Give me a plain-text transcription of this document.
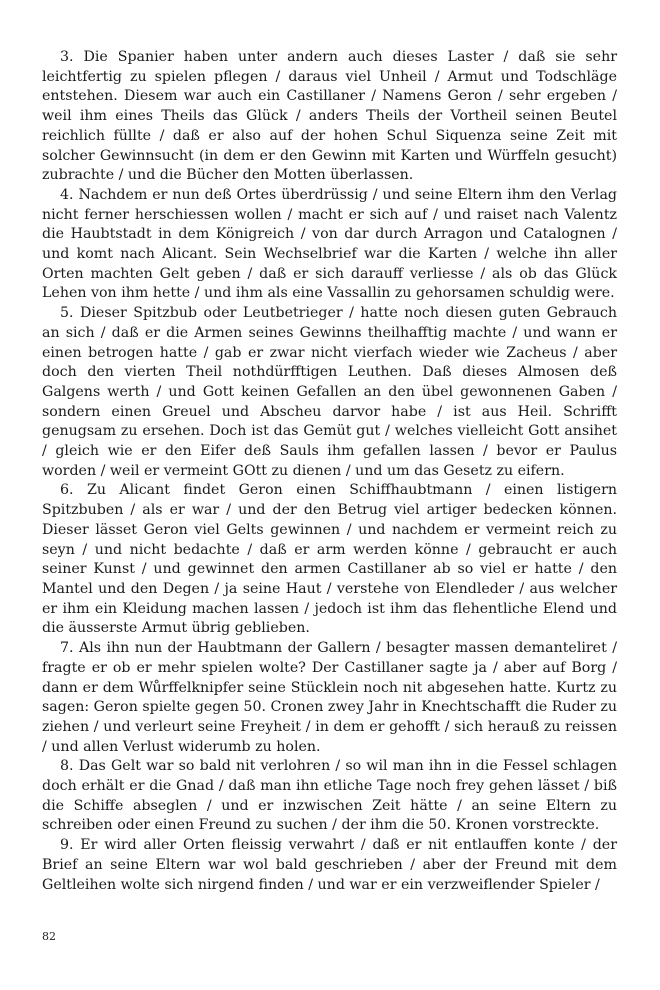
3. Die Spanier haben unter andern auch dieses Laster / daß sie sehr leichtfertig zu spielen pflegen / daraus viel Unheil / Armut und Todschläge entstehen. Diesem war auch ein Castillaner / Namens Geron / sehr ergeben / weil ihm eines Theils das Glück / anders Theils der Vortheil seinen Beutel reichlich füllte / daß er also auf der hohen Schul Siquenza seine Zeit mit solcher Gewinnsucht (in dem er den Gewinn mit Karten und Würffeln gesucht) zubrachte / und die Bücher den Motten überlassen.

4. Nachdem er nun deß Ortes überdrüssig / und seine Eltern ihm den Verlag nicht ferner herschiessen wollen / macht er sich auf / und raiset nach Valentz die Haubtstadt in dem Königreich / von dar durch Arragon und Catalognen / und komt nach Alicant. Sein Wechselbrief war die Karten / welche ihn aller Orten machten Gelt geben / daß er sich darauff verliesse / als ob das Glück Lehen von ihm hette / und ihm als eine Vassallin zu gehorsamen schuldig were.

5. Dieser Spitzbub oder Leutbetrieger / hatte noch diesen guten Gebrauch an sich / daß er die Armen seines Gewinns theilhafftig machte / und wann er einen betrogen hatte / gab er zwar nicht vierfach wieder wie Zacheus / aber doch den vierten Theil nothdürfftigen Leuthen. Daß dieses Almosen deß Galgens werth / und Gott keinen Gefallen an den übel gewonnenen Gaben / sondern einen Greuel und Abscheu darvor habe / ist aus Heil. Schrifft genugsam zu ersehen. Doch ist das Gemüt gut / welches vielleicht Gott ansihet / gleich wie er den Eifer deß Sauls ihm gefallen lassen / bevor er Paulus worden / weil er vermeint GOtt zu dienen / und um das Gesetz zu eifern.

6. Zu Alicant findet Geron einen Schiffhaubtmann / einen listigern Spitzbuben / als er war / und der den Betrug viel artiger bedecken können. Dieser lässet Geron viel Gelts gewinnen / und nachdem er vermeint reich zu seyn / und nicht bedachte / daß er arm werden könne / gebraucht er auch seiner Kunst / und gewinnet den armen Castillaner ab so viel er hatte / den Mantel und den Degen / ja seine Haut / verstehe von Elendleder / aus welcher er ihm ein Kleidung machen lassen / jedoch ist ihm das flehentliche Elend und die äusserste Armut übrig geblieben.

7. Als ihn nun der Haubtmann der Gallern / besagter massen demanteliret / fragte er ob er mehr spielen wolte? Der Castillaner sagte ja / aber auf Borg / dann er dem Wůrffelknipfer seine Stücklein noch nit abgesehen hatte. Kurtz zu sagen: Geron spielte gegen 50. Cronen zwey Jahr in Knechtschafft die Ruder zu ziehen / und verleurt seine Freyheit / in dem er gehofft / sich herauß zu reissen / und allen Verlust widerumb zu holen.

8. Das Gelt war so bald nit verlohren / so wil man ihn in die Fessel schlagen doch erhält er die Gnad / daß man ihn etliche Tage noch frey gehen lässet / biß die Schiffe abseglen / und er inzwischen Zeit hätte / an seine Eltern zu schreiben oder einen Freund zu suchen / der ihm die 50. Kronen vorstreckte.

9. Er wird aller Orten fleissig verwahrt / daß er nit entlauffen konte / der Brief an seine Eltern war wol bald geschrieben / aber der Freund mit dem Geltleihen wolte sich nirgend finden / und war er ein verzweiflender Spieler /

82
